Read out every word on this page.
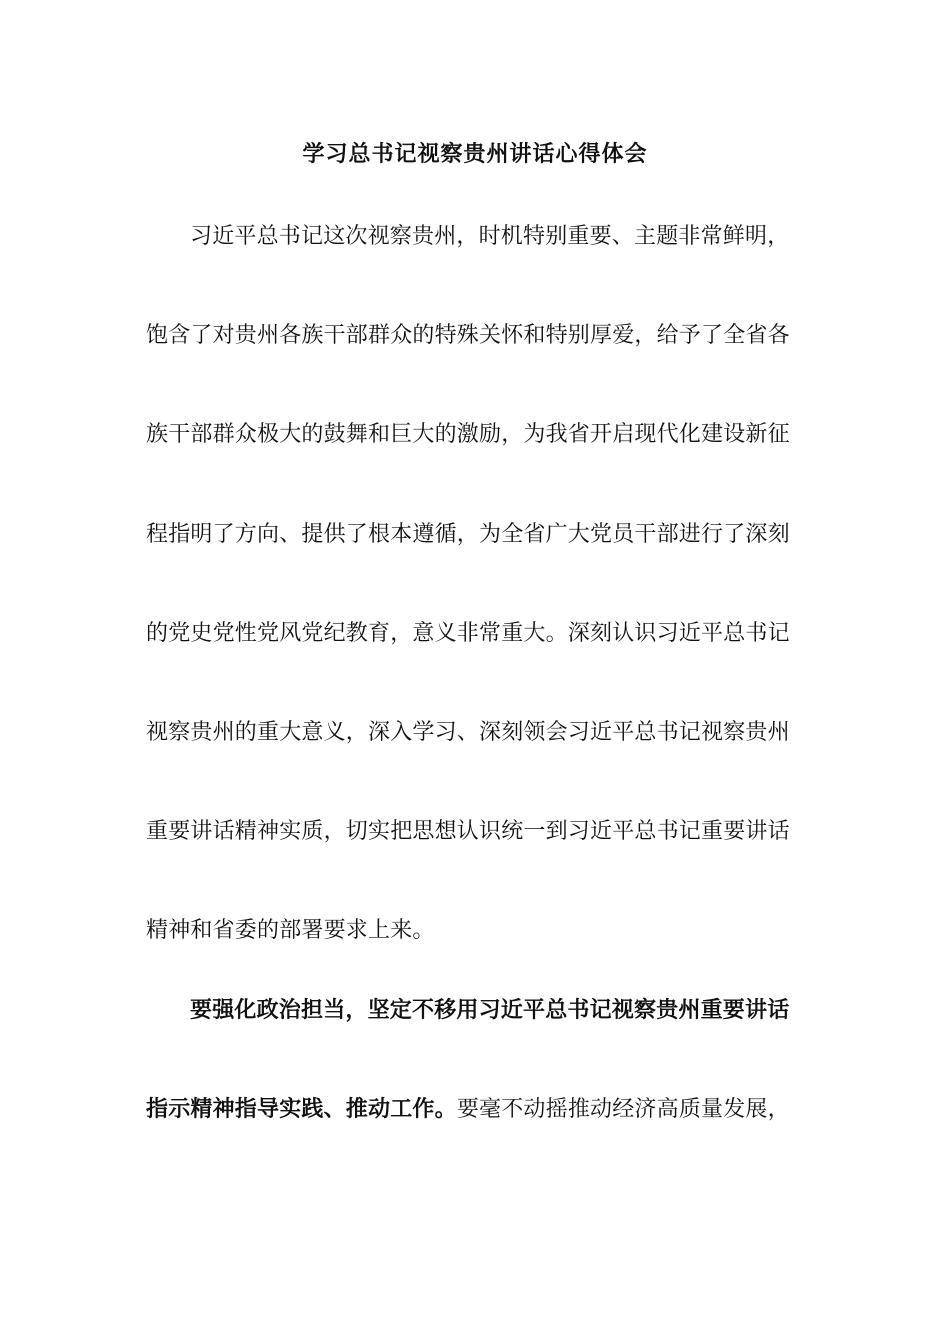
学习总书记视察贵州讲话心得体会
习近平总书记这次视察贵州，时机特别重要、主题非常鲜明，
饱含了对贵州各族干部群众的特殊关怀和特别厚爱，给予了全省各
族干部群众极大的鼓舞和巨大的激励，为我省开启现代化建设新征
程指明了方向、提供了根本遵循，为全省广大党员干部进行了深刻
的党史党性党风党纪教育，意义非常重大。深刻认识习近平总书记
视察贵州的重大意义，深入学习、深刻领会习近平总书记视察贵州
重要讲话精神实质，切实把思想认识统一到习近平总书记重要讲话
精神和省委的部署要求上来。
要强化政治担当，坚定不移用习近平总书记视察贵州重要讲话
指示精神指导实践、推动工作。要毫不动摇推动经济高质量发展，
